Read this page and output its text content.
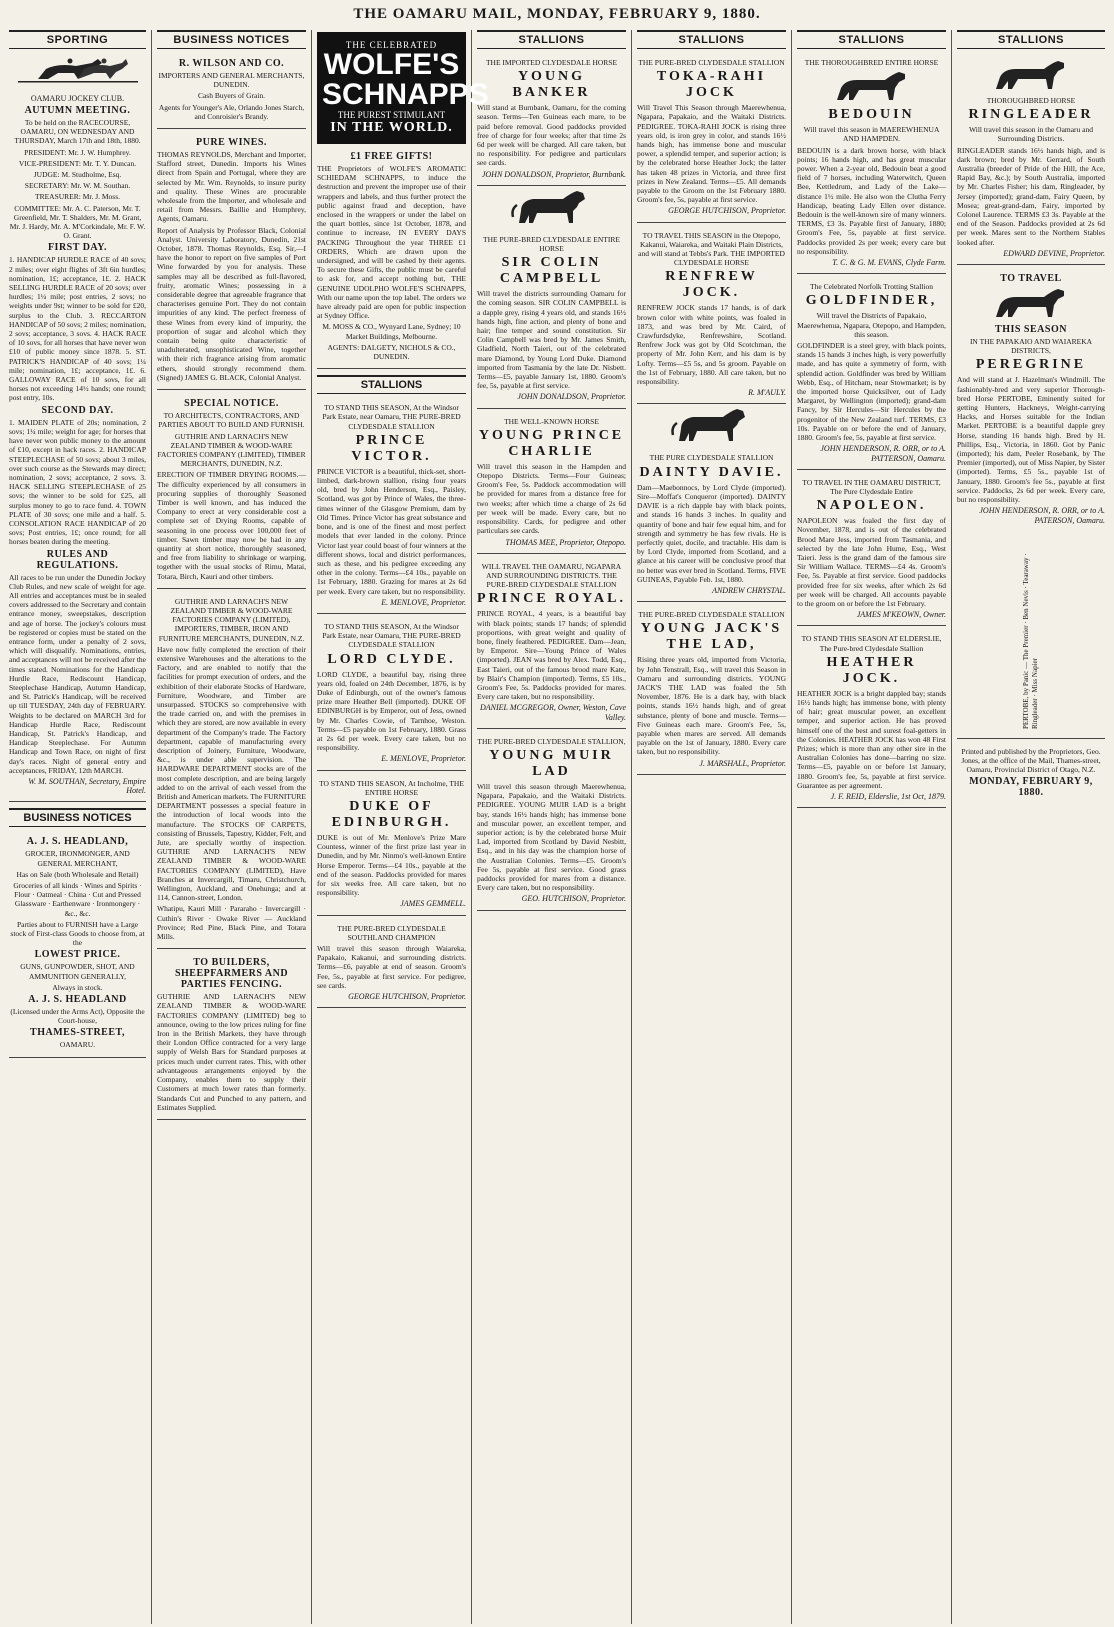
THE OAMARU MAIL, MONDAY, FEBRUARY 9, 1880.
SPORTING
OAMARU JOCKEY CLUB.
AUTUMN MEETING.

To be held on the RACECOURSE, OAMARU, ON WEDNESDAY AND THURSDAY, March 17th and 18th, 1880.

PRESIDENT: Mr. J. W. Humphrey.

VICE-PRESIDENT: Mr. T. Y. Duncan.

JUDGE: M. Studholme, Esq.

SECRETARY: Mr. W. M. Southan.

TREASURER: Mr. J. Moss.

COMMITTEE: Mr. A. C. Paterson, Mr. T. Greenfield, Mr. T. Shalders, Mr. M. Grant, Mr. J. Hardy, Mr. A. M'Corkindale, Mr. F. W. O. Grant.

FIRST DAY.

1. HANDICAP HURDLE RACE of 40 sovs; 2 miles; over eight flights of 3ft 6in hurdles; nomination, 1£; acceptance, 1£. 2. HACK SELLING HURDLE RACE of 20 sovs; over hurdles; 1¼ mile; post entries, 2 sovs; no weights under 9st; winner to be sold for £20, surplus to the Club. 3. RECCARTON HANDICAP of 50 sovs; 2 miles; nomination, 2 sovs; acceptance, 3 sovs. 4. HACK RACE of 10 sovs, for all horses that have never won £10 of public money since 1878. 5. ST. PATRICK'S HANDICAP of 40 sovs; 1¼ mile; nomination, 1£; acceptance, 1£. 6. GALLOWAY RACE of 10 sovs, for all horses not exceeding 14½ hands; one round; post entry, 10s.

SECOND DAY.

1. MAIDEN PLATE of 20s; nomination, 2 sovs; 1¼ mile; weight for age; for horses that have never won public money to the amount of £10, except in hack races. 2. HANDICAP STEEPLECHASE of 50 sovs; about 3 miles, over such course as the Stewards may direct; nomination, 2 sovs; acceptance, 2 sovs. 3. HACK SELLING STEEPLECHASE of 25 sovs; the winner to be sold for £25, all surplus money to go to race fund. 4. TOWN PLATE of 30 sovs; one mile and a half. 5. CONSOLATION RACE HANDICAP of 20 sovs; Post entries, 1£; once round; for all horses beaten during the meeting.

RULES AND REGULATIONS.

All races to be run under the Dunedin Jockey Club Rules, and new scale of weight for age. All entries and acceptances must be in sealed covers addressed to the Secretary and contain entrance money, sweepstakes, description and age of horse. The jockey's colours must be registered or copies must be stated on the entrance form, under a penalty of 2 sovs, which will disqualify. Nominations, entries, and acceptances will not be received after the times stated. Nominations for the Handicap Hurdle Race, Rediscount Handicap, Steeplechase Handicap, Autumn Handicap, and St. Patrick's Handicap, will be received up till TUESDAY, 24th day of FEBRUARY. Weights to be declared on MARCH 3rd for Handicap Hurdle Race, Rediscount Handicap, St. Patrick's Handicap, and Handicap Steeplechase. For Autumn Handicap and Town Race, on night of first day's races. Night of general entry and acceptances, FRIDAY, 12th MARCH.

W. M. SOUTHAN, Secretary, Empire Hotel.

BUSINESS NOTICES
A. J. S. HEADLAND,

GROCER, IRONMONGER, AND GENERAL MERCHANT,

Has on Sale (both Wholesale and Retail)

Groceries of all kinds · Wines and Spirits · Flour · Oatmeal · China · Cut and Pressed Glassware · Earthenware · Ironmongery · &c., &c.

Parties about to FURNISH have a Large stock of First-class Goods to choose from, at the

LOWEST PRICE.

GUNS, GUNPOWDER, SHOT, AND AMMUNITION GENERALLY,

Always in stock.

A. J. S. HEADLAND

(Licensed under the Arms Act), Opposite the Court-house,

THAMES-STREET,

OAMARU.

BUSINESS NOTICES
R. WILSON AND CO.

IMPORTERS AND GENERAL MERCHANTS, DUNEDIN.

Cash Buyers of Grain.

Agents for Younger's Ale, Orlando Jones Starch, and Conroisier's Brandy.

PURE WINES.

THOMAS REYNOLDS, Merchant and Importer, Stafford street, Dunedin. Imports his Wines direct from Spain and Portugal, where they are selected by Mr. Wm. Reynolds, to insure purity and quality. These Wines are procurable wholesale from the Importer, and wholesale and retail from Messrs. Baillie and Humphrey, Agents, Oamaru.

Report of Analysis by Professor Black, Colonial Analyst. University Laboratory, Dunedin, 21st October, 1878. Thomas Reynolds, Esq. Sir,—I have the honor to report on five samples of Port Wine forwarded by you for analysis. These samples may all be described as full-flavored, fruity, aromatic Wines; possessing in a considerable degree that agreeable fragrance that characterises genuine Port. They do not contain impurities of any kind. The perfect freeness of these Wines from every kind of impurity, the proportion of sugar and alcohol which they contain being quite characteristic of unadulterated, unsophisticated Wine, together with their rich fragrance arising from aromatic ethers, should strongly recommend them. (Signed) JAMES G. BLACK, Colonial Analyst.

SPECIAL NOTICE.

TO ARCHITECTS, CONTRACTORS, AND PARTIES ABOUT TO BUILD AND FURNISH.

GUTHRIE AND LARNACH'S NEW ZEALAND TIMBER & WOOD-WARE FACTORIES COMPANY (LIMITED), TIMBER MERCHANTS, DUNEDIN, N.Z.

ERECTION OF TIMBER DRYING ROOMS.—The difficulty experienced by all consumers in procuring supplies of thoroughly Seasoned Timber is well known, and has induced the Company to erect at very considerable cost a complete set of Drying Rooms, capable of seasoning in one process over 100,000 feet of timber. Sawn timber may now be had in any quantity at short notice, thoroughly seasoned, and free from liability to shrinkage or warping, together with the usual stocks of Rimu, Matai, Totara, Birch, Kauri and other timbers.

GUTHRIE AND LARNACH'S NEW ZEALAND TIMBER & WOOD-WARE FACTORIES COMPANY (LIMITED), IMPORTERS, TIMBER, IRON AND FURNITURE MERCHANTS, DUNEDIN, N.Z.

Have now fully completed the erection of their extensive Warehouses and the alterations to the Factory, and are enabled to notify that the facilities for prompt execution of orders, and the exhibition of their elaborate Stocks of Hardware, Furniture, Woodware, and Timber are unsurpassed. STOCKS so comprehensive with the trade carried on, and with the premises in which they are stored, are now available in every department of the Company's trade. The Factory department, capable of manufacturing every description of Joinery, Furniture, Woodware, &c., is under able supervision. The HARDWARE DEPARTMENT stocks are of the most complete description, and are being largely added to on the arrival of each vessel from the British and American markets. The FURNITURE DEPARTMENT possesses a special feature in the introduction of local woods into the manufacture. The STOCKS OF CARPETS, consisting of Brussels, Tapestry, Kidder, Felt, and Jute, are specially worthy of inspection. GUTHRIE AND LARNACH'S NEW ZEALAND TIMBER & WOOD-WARE FACTORIES COMPANY (LIMITED), Have Branches at Invercargill, Timaru, Christchurch, Wellington, Auckland, and Onehunga; and at 114, Cannon-street, London.

Whatipu, Kauri Mill · Pararaho · Invercargill · Cuthin's River · Owake River — Auckland Province; Red Pine, Black Pine, and Totara Mills.

TO BUILDERS, SHEEPFARMERS AND PARTIES FENCING.

GUTHRIE AND LARNACH'S NEW ZEALAND TIMBER & WOOD-WARE FACTORIES COMPANY (LIMITED) beg to announce, owing to the low prices ruling for fine Iron in the British Markets, they have through their London Office contracted for a very large supply of Welsh Bars for Standard purposes at prices much under current rates. This, with other advantageous arrangements enjoyed by the Company, enables them to supply their Customers at much lower rates than formerly. Standards Cut and Punched to any pattern, and Estimates Supplied.

THE CELEBRATED
WOLFE'S SCHNAPPS
THE PUREST STIMULANT
IN THE WORLD.
£1 FREE GIFTS!

THE Proprietors of WOLFE'S AROMATIC SCHIEDAM SCHNAPPS, to induce the destruction and prevent the improper use of their wrappers and labels, and thus further protect the public against fraud and deception, have enclosed in the wrappers or under the label on the quart bottles, since 1st October, 1878, and continue to increase, IN EVERY DAYS PACKING Throughout the year THREE £1 ORDERS, Which are drawn upon the undersigned, and will be cashed by their agents. To secure these Gifts, the public must be careful to ask for, and accept nothing but, THE GENUINE UDOLPHO WOLFE'S SCHNAPPS, With our name upon the top label. The orders we have already paid are open for public inspection at Sydney Office.

M. MOSS & CO., Wynyard Lane, Sydney; 10 Market Buildings, Melbourne.

AGENTS: DALGETY, NICHOLS & CO., DUNEDIN.

STALLIONS

TO STAND THIS SEASON, At the Windsor Park Estate, near Oamaru, THE PURE-BRED CLYDESDALE STALLION

PRINCE VICTOR.

PRINCE VICTOR is a beautiful, thick-set, short-limbed, dark-brown stallion, rising four years old, bred by John Henderson, Esq., Paisley, Scotland, was got by Prince of Wales, the three-times winner of the Glasgow Premium, dam by Old Times. Prince Victor has great substance and bone, and is one of the finest and most perfect models that ever landed in the colony. Prince Victor last year could boast of four winners at the different shows, local and district performances, such as these, and his pedigree exceeding any other in the colony. Terms—£4 10s., payable on 1st February, 1880. Grazing for mares at 2s 6d per week. Every care taken, but no responsibility.

E. MENLOVE, Proprietor.

TO STAND THIS SEASON, At the Windsor Park Estate, near Oamaru, THE PURE-BRED CLYDESDALE STALLION

LORD CLYDE.

LORD CLYDE, a beautiful bay, rising three years old, foaled on 24th December, 1876, is by Duke of Edinburgh, out of the owner's famous prize mare Heather Bell (imported). DUKE OF EDINBURGH is by Emperor, out of Jess, owned by Mr. Charles Cowie, of Tarnhoe, Weston. Terms—£5 payable on 1st February, 1880. Grass at 2s 6d per week. Every care taken, but no responsibility.

E. MENLOVE, Proprietor.

TO STAND THIS SEASON, At Incholme, THE ENTIRE HORSE

DUKE OF EDINBURGH.

DUKE is out of Mr. Menlove's Prize Mare Countess, winner of the first prize last year in Dunedin, and by Mr. Ninmo's well-known Entire Horse Emperor. Terms—£4 10s., payable at the end of the season. Paddocks provided for mares for six weeks free. All care taken, but no responsibility.

JAMES GEMMELL.

THE PURE-BRED CLYDESDALE SOUTHLAND CHAMPION

Will travel this season through Waiareka, Papakaio, Kakanui, and surrounding districts. Terms—£6, payable at end of season. Groom's Fee, 5s., payable at first service. For pedigree, see cards.

GEORGE HUTCHISON, Proprietor.

STALLIONS

THE IMPORTED CLYDESDALE HORSE

YOUNG BANKER

Will stand at Burnbank, Oamaru, for the coming season. Terms—Ten Guineas each mare, to be paid before removal. Good paddocks provided free of charge for four weeks; after that time 2s 6d per week will be charged. All care taken, but no responsibility. For pedigree and particulars see cards.

JOHN DONALDSON, Proprietor, Burnbank.

THE PURE-BRED CLYDESDALE ENTIRE HORSE

SIR COLIN CAMPBELL

Will travel the districts surrounding Oamaru for the coming season. SIR COLIN CAMPBELL is a dapple grey, rising 4 years old, and stands 16½ hands high, fine action, and plenty of bone and hair; fine temper and sound constitution. Sir Colin Campbell was bred by Mr. James Smith, Gladfield, North Taieri, out of the celebrated mare Diamond, by Young Lord Duke. Diamond imported from Tasmania by the late Dr. Nisbett. Terms—£5, payable January 1st, 1880. Groom's fee, 5s, payable at first service.

JOHN DONALDSON, Proprietor.

THE WELL-KNOWN HORSE

YOUNG PRINCE CHARLIE

Will travel this season in the Hampden and Otepopo Districts. Terms—Four Guineas; Groom's Fee, 5s. Paddock accommodation will be provided for mares from a distance free for two weeks; after which time a charge of 2s 6d per week will be made. Every care, but no responsibility. Cards, for pedigree and other particulars see cards.

THOMAS MEE, Proprietor, Otepopo.

WILL TRAVEL THE OAMARU, NGAPARA AND SURROUNDING DISTRICTS. THE PURE-BRED CLYDESDALE STALLION

PRINCE ROYAL.

PRINCE ROYAL, 4 years, is a beautiful bay with black points; stands 17 hands; of splendid proportions, with great weight and quality of bone, finely feathered. PEDIGREE. Dam—Jean, by Emperor. Sire—Young Prince of Wales (imported). JEAN was bred by Alex. Todd, Esq., East Taieri, out of the famous brood mare Kate, by Blair's Champion (imported). Terms, £5 10s., Groom's Fee, 5s. Paddocks provided for mares. Every care taken, but no responsibility.

DANIEL MCGREGOR, Owner, Weston, Cave Valley.

THE PURE-BRED CLYDESDALE STALLION,

YOUNG MUIR LAD

Will travel this season through Maerewhenua, Ngapara, Papakaio, and the Waitaki Districts. PEDIGREE. YOUNG MUIR LAD is a bright bay, stands 16½ hands high; has immense bone and muscular power, an excellent temper, and superior action; is by the celebrated horse Muir Lad, imported from Scotland by David Nesbitt, Esq., and in his day was the champion horse of the Australian Colonies. Terms—£5. Groom's Fee 5s, payable at first service. Good grass paddocks provided for mares from a distance. Every care taken, but no responsibility.

GEO. HUTCHISON, Proprietor.

STALLIONS

THE PURE-BRED CLYDESDALE STALLION

TOKA-RAHI JOCK

Will Travel This Season through Maerewhenua, Ngapara, Papakaio, and the Waitaki Districts. PEDIGREE. TOKA-RAHI JOCK is rising three years old, is iron grey in color, and stands 16½ hands high, has immense bone and muscular power, a splendid temper, and superior action; is by the celebrated horse Heather Jock; the latter has taken 48 prizes in Victoria, and three first prizes in New Zealand. Terms—£5. All demands payable to the Groom on the 1st February 1880. Groom's fee, 5s, payable at first service.

GEORGE HUTCHISON, Proprietor.

TO TRAVEL THIS SEASON in the Otepopo, Kakanui, Waiareka, and Waitaki Plain Districts, and will stand at Tebbs's Park. THE IMPORTED CLYDESDALE HORSE

RENFREW JOCK.

RENFREW JOCK stands 17 hands, is of dark brown color with white points, was foaled in 1873, and was bred by Mr. Caird, of Crawfurdsdyke, Renfrewshire, Scotland. Renfrew Jock was got by Old Scotchman, the property of Mr. John Kerr, and his dam is by Lofty. Terms—£5 5s, and 5s groom. Payable on the 1st of February, 1880. All care taken, but no responsibility.

R. M'AULY.

THE PURE CLYDESDALE STALLION

DAINTY DAVIE.

Dam—Maebonnocs, by Lord Clyde (imported). Sire—Moffat's Conqueror (imported). DAINTY DAVIE is a rich dapple bay with black points, and stands 16 hands 3 inches. In quality and quantity of bone and hair few equal him, and for strength and symmetry he has few rivals. He is perfectly quiet, docile, and tractable. His dam is by Lord Clyde, imported from Scotland, and a glance at his career will be conclusive proof that no better was ever bred in Scotland. Terms, FIVE GUINEAS, Payable Feb. 1st, 1880.

ANDREW CHRYSTAL.

THE PURE-BRED CLYDESDALE STALLION

YOUNG JACK'S THE LAD,

Rising three years old, imported from Victoria, by John Tenstrall, Esq., will travel this Season in Oamaru and surrounding districts. YOUNG JACK'S THE LAD was foaled the 5th November, 1876. He is a dark bay, with black points, stands 16½ hands high, and of great substance, plenty of bone and muscle. Terms—Five Guineas each mare. Groom's Fee, 5s, payable when mares are served. All demands payable on the 1st of January, 1880. Every care taken, but no responsibility.

J. MARSHALL, Proprietor.

STALLIONS

THE THOROUGHBRED ENTIRE HORSE

BEDOUIN

Will travel this season in MAEREWHENUA AND HAMPDEN.

BEDOUIN is a dark brown horse, with black points; 16 hands high, and has great muscular power. When a 2-year old, Bedouin beat a good field of 7 horses, including Waterwitch, Queen Bee, Kettledrum, and Lady of the Lake—distance 1½ mile. He also won the Clutha Ferry Handicap, beating Lady Ellen over distance. Bedouin is the well-known sire of many winners. TERMS, £3 3s. Payable first of January, 1880; Groom's Fee, 5s, payable at first service. Paddocks provided 2s per week; every care but no responsibility.

T. C. & G. M. EVANS, Clyde Farm.

The Celebrated Norfolk Trotting Stallion

GOLDFINDER,

Will travel the Districts of Papakaio, Maerewhenua, Ngapara, Otepopo, and Hampden, this season.

GOLDFINDER is a steel grey, with black points, stands 15 hands 3 inches high, is very powerfully made, and has quite a symmetry of form, with splendid action. Goldfinder was bred by William Webb, Esq., of Hitcham, near Stowmarket; is by the imported horse Quicksilver, out of Lady Margaret, by Wellington (imported); grand-dam Fancy, by Sir Hercules—Sir Hercules by the progenitor of the New Zealand turf. TERMS, £3 10s. Payable on or before the end of January, 1880. Groom's fee, 5s, payable at first service.

JOHN HENDERSON, R. ORR, or to A. PATTERSON, Oamaru.

TO TRAVEL IN THE OAMARU DISTRICT, The Pure Clydesdale Entire

NAPOLEON.

NAPOLEON was foaled the first day of November, 1878, and is out of the celebrated Brood Mare Jess, imported from Tasmania, and selected by the late John Hume, Esq., West Taieri. Jess is the grand dam of the famous sire Sir William Wallace. TERMS—£4 4s. Groom's Fee, 5s. Payable at first service. Good paddocks provided free for six weeks, after which 2s 6d per week will be charged. All accounts payable to the groom on or before the 1st February.

JAMES M'KEOWN, Owner.

TO STAND THIS SEASON AT ELDERSLIE, The Pure-bred Clydesdale Stallion

HEATHER JOCK.

HEATHER JOCK is a bright dappled bay; stands 16½ hands high; has immense bone, with plenty of hair; great muscular power, an excellent temper, and superior action. He has proved himself one of the best and surest foal-getters in the Colonies. HEATHER JOCK has won 48 First Prizes; which is more than any other sire in the Australian Colonies has done—barring no size. Terms—£5, payable on or before 1st January, 1880. Groom's fee, 5s, payable at first service. Guarantee as per agreement.

J. F. REID, Elderslie, 1st Oct, 1879.

STALLIONS

THOROUGHBRED HORSE

RINGLEADER

Will travel this season in the Oamaru and Surrounding Districts.

RINGLEADER stands 16½ hands high, and is dark brown; bred by Mr. Gerrard, of South Australia (breeder of Pride of the Hill, the Ace, Rapid Bay, &c.); by South Australia, imported by Mr. Charles Fisher; his dam, Ringleader, by Jersey (imported); grand-dam, Fairy Queen, by Mosea; great-grand-dam, Fairy, imported by Colonel Laurence. TERMS £3 3s. Payable at the end of the Season. Paddocks provided at 2s 6d per week. Mares sent to the Northern Stables looked after.

EDWARD DEVINE, Proprietor.

TO TRAVEL
THIS SEASON

IN THE PAPAKAIO AND WAIAREKA DISTRICTS,

PEREGRINE

And will stand at J. Hazelman's Windmill. The fashionably-bred and very superior Thorough-bred Horse PERTOBE, Eminently suited for getting Hunters, Hackneys, Weight-carrying Hacks, and Horses suitable for the Indian Market. PERTOBE is a beautiful dapple grey Horse, standing 16 hands high. Bred by H. Phillips, Esq., Victoria, in 1860. Got by Panic (imported); his dam, Peeler Rosebank, by The Premier (imported), out of Miss Napier, by Sister (imported). Terms, £5 5s., payable 1st of January, 1880. Groom's fee 5s., payable at first service. Paddocks, 2s 6d per week. Every care, but no responsibility.

JOHN HENDERSON, R. ORR, or to A. PATERSON, Oamaru.

PERTOBE, by Panic — The Premier · Ben Nevis · Tearaway · Ringleader · Miss Napier

Printed and published by the Proprietors, Geo. Jones, at the office of the Mail, Thames-street, Oamaru, Provincial District of Otago, N.Z.

MONDAY, FEBRUARY 9, 1880.
